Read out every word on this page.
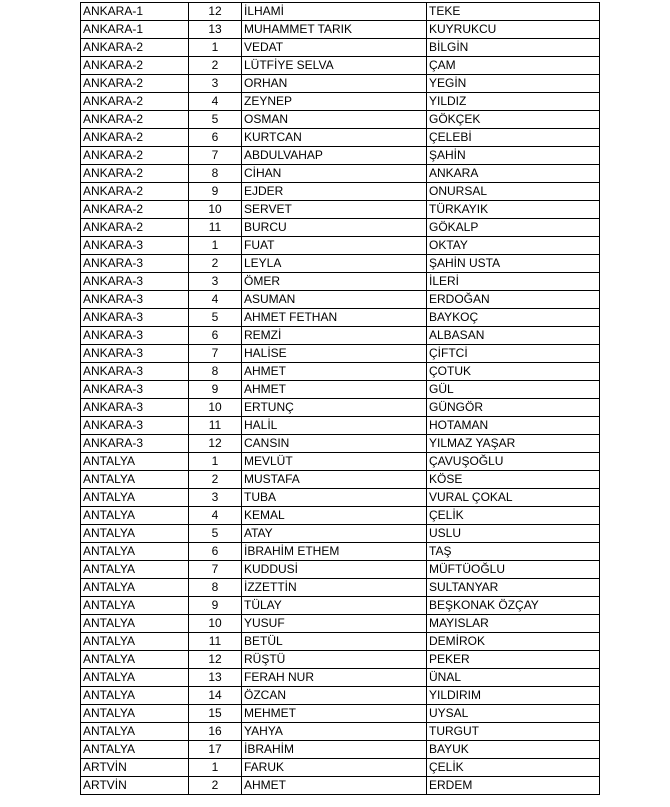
ANKARA-1	12	İLHAMİ	TEKE
ANKARA-1	13	MUHAMMET TARIK	KUYRUKCU
ANKARA-2	1	VEDAT	BİLGİN
ANKARA-2	2	LÜTFİYE SELVA	ÇAM
ANKARA-2	3	ORHAN	YEGİN
ANKARA-2	4	ZEYNEP	YILDIZ
ANKARA-2	5	OSMAN	GÖKÇEK
ANKARA-2	6	KURTCAN	ÇELEBİ
ANKARA-2	7	ABDULVAHAP	ŞAHİN
ANKARA-2	8	CİHAN	ANKARA
ANKARA-2	9	EJDER	ONURSAL
ANKARA-2	10	SERVET	TÜRKAYIK
ANKARA-2	11	BURCU	GÖKALP
ANKARA-3	1	FUAT	OKTAY
ANKARA-3	2	LEYLA	ŞAHİN USTA
ANKARA-3	3	ÖMER	İLERİ
ANKARA-3	4	ASUMAN	ERDOĞAN
ANKARA-3	5	AHMET FETHAN	BAYKOÇ
ANKARA-3	6	REMZİ	ALBASAN
ANKARA-3	7	HALİSE	ÇİFTCİ
ANKARA-3	8	AHMET	ÇOTUK
ANKARA-3	9	AHMET	GÜL
ANKARA-3	10	ERTUNÇ	GÜNGÖR
ANKARA-3	11	HALİL	HOTAMAN
ANKARA-3	12	CANSIN	YILMAZ YAŞAR
ANTALYA	1	MEVLÜT	ÇAVUŞOĞLU
ANTALYA	2	MUSTAFA	KÖSE
ANTALYA	3	TUBA	VURAL ÇOKAL
ANTALYA	4	KEMAL	ÇELİK
ANTALYA	5	ATAY	USLU
ANTALYA	6	İBRAHİM ETHEM	TAŞ
ANTALYA	7	KUDDUSİ	MÜFTÜOĞLU
ANTALYA	8	İZZETTİN	SULTANYAR
ANTALYA	9	TÜLAY	BEŞKONAK ÖZÇAY
ANTALYA	10	YUSUF	MAYISLAR
ANTALYA	11	BETÜL	DEMİROK
ANTALYA	12	RÜŞTÜ	PEKER
ANTALYA	13	FERAH NUR	ÜNAL
ANTALYA	14	ÖZCAN	YILDIRIM
ANTALYA	15	MEHMET	UYSAL
ANTALYA	16	YAHYA	TURGUT
ANTALYA	17	İBRAHİM	BAYUK
ARTVİN	1	FARUK	ÇELİK
ARTVİN	2	AHMET	ERDEM
